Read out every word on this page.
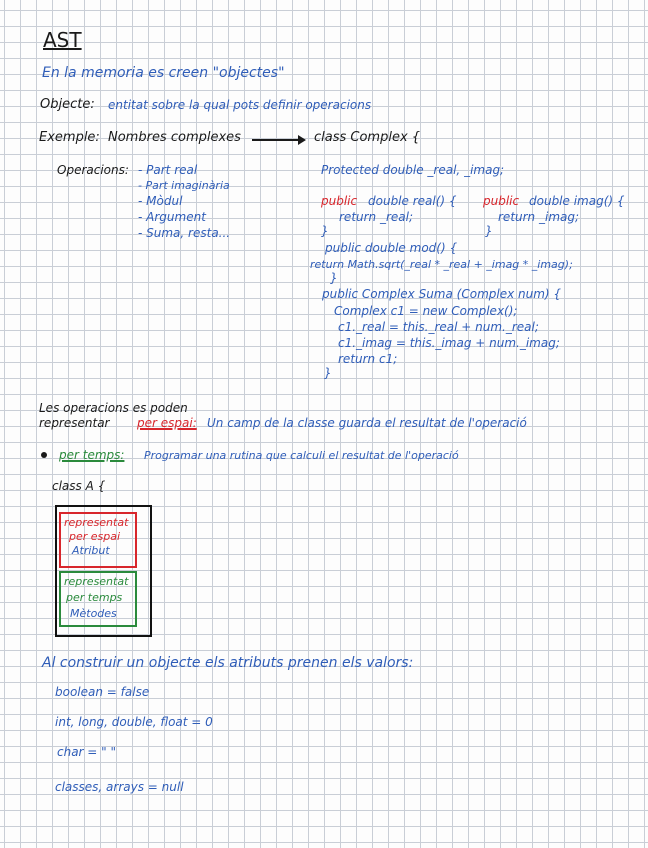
AST
En la memoria es creen "objectes"
Objecte: entitat sobre la qual pots definir operacions
Exemple: Nombres complexes	class Complex {
Operacions: - Part real
- Part imaginària
- Mòdul
- Argument
- Suma, resta...
Protected double _real, _imag;
public double real() {
return _real;
}
public double imag() {
return _imag;
}
public double mod() {
return Math.sqrt(_real * _real + _imag * _imag);
}
public Complex Suma (Complex num) {
Complex c1 = new Complex();
c1._real = this._real + num._real;
c1._imag = this._imag + num._imag;
return c1;
}
Les operacions es poden
representar per espai: Un camp de la classe guarda el resultat de l'operació
per temps: Programar una rutina que calculi el resultat de l'operació
class A {
representat
per espai
Atribut
representat
per temps
Mètodes
Al construir un objecte els atributs prenen els valors:
boolean = false
int, long, double, float = 0
char = " "
classes, arrays = null
